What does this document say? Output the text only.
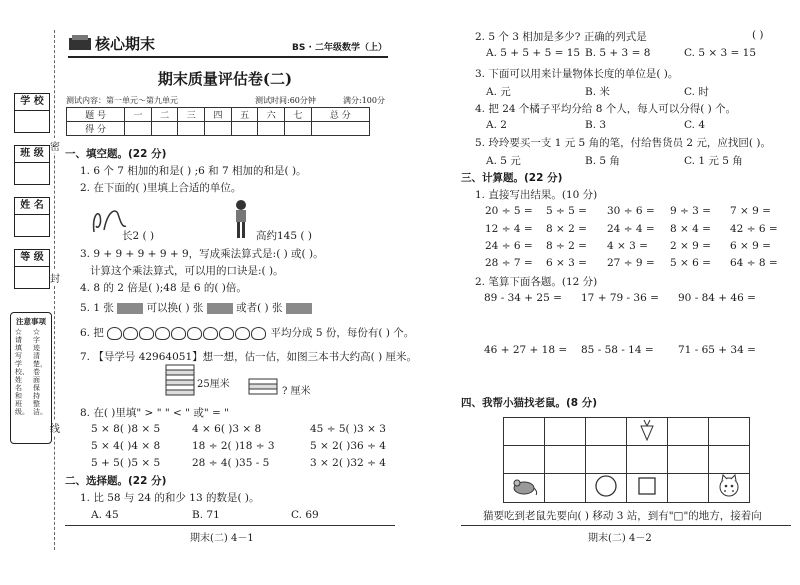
学 校
班 级
姓 名
等 级
密
封
线
注意事项
☆请填写学校、姓名和班级。
☆字迹清楚，卷面保持整洁。
核心期末	BS · 二年级数学（上）
期末质量评估卷(二)
测试内容：第一单元～第九单元	测试时间:60分钟	满分:100分
题 号	一	二	三	四	五	六	七	总 分
得 分								
一、填空题。(22 分)
1. 6 个 7 相加的和是( ) ;6 和 7 相加的和是( )。
2. 在下面的( )里填上合适的单位。
长2 ( )	高约145 ( )
3. 9 + 9 + 9 + 9 + 9，写成乘法算式是:( ) 或( )。
计算这个乘法算式，可以用的口诀是:( )。
4. 8 的 2 倍是( );48 是 6 的( )倍。
5. 1 张	可以换( ) 张	或者( ) 张
6. 把	平均分成 5 份，每份有( ) 个。
7. 【导学号 42964051】想一想，估一估，如图三本书大约高( ) 厘米。
25厘米
? 厘米
8. 在( )里填" > " " < " 或" = "
5 × 8( )8 × 5	4 × 6( )3 × 8	45 ÷ 5( )3 × 3
5 × 4( )4 × 8	18 ÷ 2( )18 ÷ 3	5 × 2( )36 ÷ 4
5 + 5( )5 × 5	28 ÷ 4( )35 - 5	3 × 2( )32 ÷ 4
二、选择题。(22 分)
1. 比 58 与 24 的和少 13 的数是( )。
A. 45	B. 71	C. 69
期末(二) 4－1
2. 5 个 3 相加是多少? 正确的列式是	( )
A. 5 + 5 + 5 = 15 B. 5 + 3 = 8	C. 5 × 3 = 15
3. 下面可以用来计量物体长度的单位是( )。
A. 元	B. 米	C. 时
4. 把 24 个橘子平均分给 8 个人，每人可以分得( ) 个。
A. 2	B. 3	C. 4
5. 玲玲要买一支 1 元 5 角的笔，付给售货员 2 元，应找回( )。
A. 5 元	B. 5 角	C. 1 元 5 角
三、计算题。(22 分)
1. 直接写出结果。(10 分)
20 ÷ 5 = 5 ÷ 5 = 30 ÷ 6 = 9 ÷ 3 = 7 × 9 =
12 ÷ 4 = 8 × 2 = 24 ÷ 4 = 8 × 4 = 42 ÷ 6 =
24 ÷ 6 = 8 ÷ 2 = 4 × 3 = 2 × 9 = 6 × 9 =
28 ÷ 7 = 6 × 3 = 27 ÷ 9 = 5 × 6 = 64 ÷ 8 =
2. 笔算下面各题。(12 分)
89 - 34 + 25 = 17 + 79 - 36 = 90 - 84 + 46 =
46 + 27 + 18 = 85 - 58 - 14 = 71 - 65 + 34 =
四、我帮小猫找老鼠。(8 分)

猫要吃到老鼠先要向( ) 移动 3 站，到有"□"的地方，接着向
期末(二) 4－2
